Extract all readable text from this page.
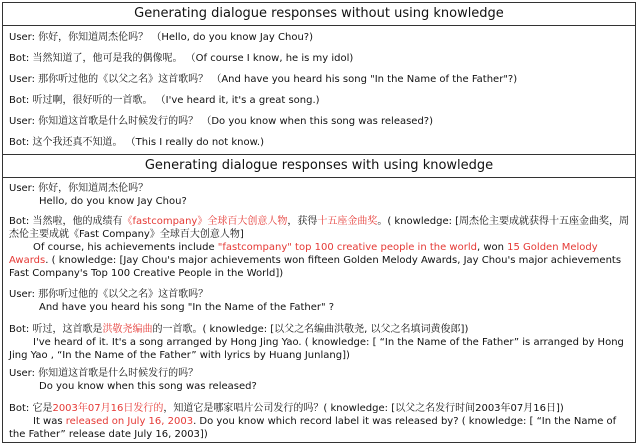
Generating dialogue responses without using knowledge
User: 你好，你知道周杰伦吗？ （Hello, do you know Jay Chou?)
Bot: 当然知道了，他可是我的偶像呢。 （Of course I know, he is my idol)
User: 那你听过他的《以父之名》这首歌吗？ （And have you heard his song "In the Name of the Father"?)
Bot: 听过啊，很好听的一首歌。 （I've heard it, it's a great song.)
User: 你知道这首歌是什么时候发行的吗？ （Do you know when this song was released?)
Bot: 这个我还真不知道。 （This I really do not know.)
Generating dialogue responses with using knowledge
User: 你好，你知道周杰伦吗？
Hello, do you know Jay Chou?
Bot: 当然啦，他的成绩有《fastcompany》全球百大创意人物，获得十五座金曲奖。( knowledge: [周杰伦主要成就获得十五座金曲奖，周杰伦主要成就《Fast Company》全球百大创意人物]
Of course, his achievements include "fastcompany" top 100 creative people in the world, won 15 Golden Melody Awards. ( knowledge: [Jay Chou's major achievements won fifteen Golden Melody Awards, Jay Chou's major achievements Fast Company's Top 100 Creative People in the World])
User: 那你听过他的《以父之名》这首歌吗？
And have you heard his song "In the Name of the Father" ?
Bot: 听过，这首歌是洪敬尧编曲的一首歌。( knowledge: [以父之名编曲洪敬尧, 以父之名填词黄俊郎])
I've heard of it. It's a song arranged by Hong Jing Yao. ( knowledge: [ “In the Name of the Father” is arranged by Hong Jing Yao , “In the Name of the Father” with lyrics by Huang Junlang])
User: 你知道这首歌是什么时候发行的吗？
Do you know when this song was released?
Bot: 它是2003年07月16日发行的，知道它是哪家唱片公司发行的吗？( knowledge: [以父之名发行时间2003年07月16日])
It was released on July 16, 2003. Do you know which record label it was released by? ( knowledge: [ “In the Name of the Father” release date July 16, 2003])
